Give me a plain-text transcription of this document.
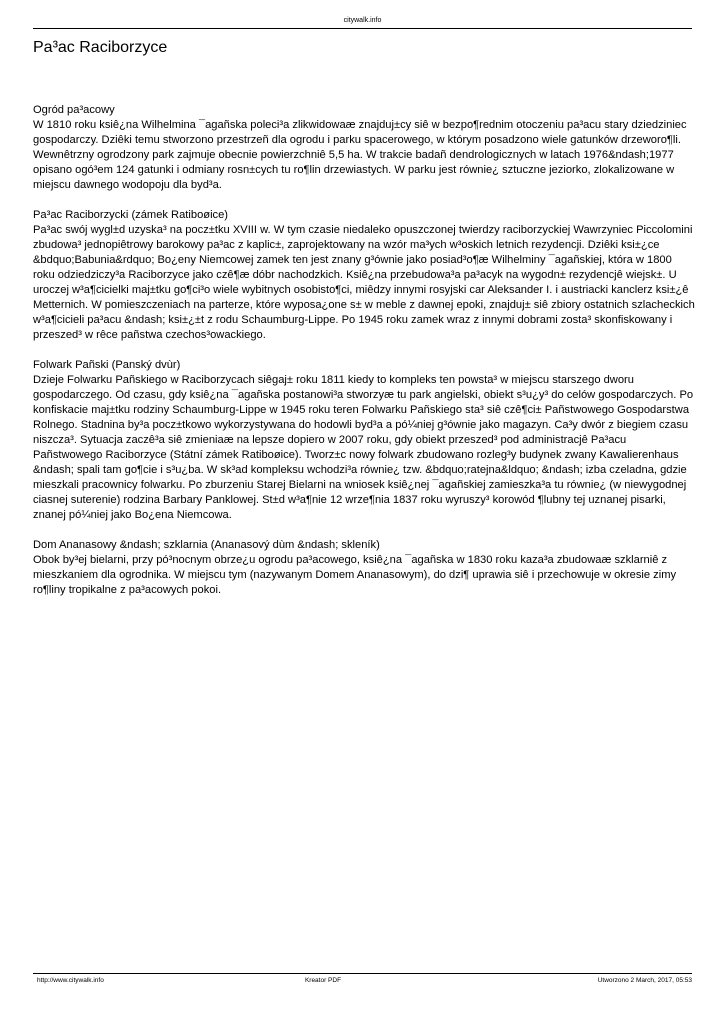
citywalk.info
Pa³ac Raciborzyce

Ogród pa³acowy

W 1810 roku ksiê¿na Wilhelmina ¯agañska poleci³a zlikwidowaæ znajduj±cy siê w bezpo¶rednim otoczeniu pa³acu stary dziedziniec gospodarczy. Dziêki temu stworzono przestrzeñ dla ogrodu i parku spacerowego, w którym posadzono wiele gatunków drzeworo¶li. Wewnêtrzny ogrodzony park zajmuje obecnie powierzchniê 5,5 ha. W trakcie badañ dendrologicznych w latach 1976&ndash;1977 opisano ogó³em 124 gatunki i odmiany rosn±cych tu ro¶lin drzewiastych. W parku jest równie¿ sztuczne jeziorko, zlokalizowane w miejscu dawnego wodopoju dla byd³a.

Pa³ac Raciborzycki (zámek Ratiboøice)

Pa³ac swój wygl±d uzyska³ na pocz±tku XVIII w. W tym czasie niedaleko opuszczonej twierdzy raciborzyckiej Wawrzyniec Piccolomini zbudowa³ jednopiêtrowy barokowy pa³ac z kaplic±, zaprojektowany na wzór ma³ych w³oskich letnich rezydencji. Dziêki ksi±¿ce &bdquo;Babunia&rdquo; Bo¿eny Niemcowej zamek ten jest znany g³ównie jako posiad³o¶æ Wilhelminy ¯agañskiej, która w 1800 roku odziedziczy³a Raciborzyce jako czê¶æ dóbr nachodzkich. Ksiê¿na przebudowa³a pa³acyk na wygodn± rezydencjê wiejsk±. U uroczej w³a¶cicielki maj±tku go¶ci³o wiele wybitnych osobisto¶ci, miêdzy innymi rosyjski car Aleksander I. i austriacki kanclerz ksi±¿ê Metternich. W pomieszczeniach na parterze, które wyposa¿one s± w meble z dawnej epoki, znajduj± siê zbiory ostatnich szlacheckich w³a¶cicieli pa³acu &ndash; ksi±¿±t z rodu Schaumburg-Lippe. Po 1945 roku zamek wraz z innymi dobrami zosta³ skonfiskowany i przeszed³ w rêce pañstwa czechos³owackiego.

Folwark Pañski (Panský dvùr)

Dzieje Folwarku Pañskiego w Raciborzycach siêgaj± roku 1811 kiedy to kompleks ten powsta³ w miejscu starszego dworu gospodarczego. Od czasu, gdy ksiê¿na ¯agañska postanowi³a stworzyæ tu park angielski, obiekt s³u¿y³ do celów gospodarczych. Po konfiskacie maj±tku rodziny Schaumburg-Lippe w 1945 roku teren Folwarku Pañskiego sta³ siê czê¶ci± Pañstwowego Gospodarstwa Rolnego. Stadnina by³a pocz±tkowo wykorzystywana do hodowli byd³a a pó¼niej g³ównie jako magazyn. Ca³y dwór z biegiem czasu niszcza³. Sytuacja zaczê³a siê zmieniaæ na lepsze dopiero w 2007 roku, gdy obiekt przeszed³ pod administracjê Pa³acu Pañstwowego Raciborzyce (Státní zámek Ratiboøice). Tworz±c nowy folwark zbudowano rozleg³y budynek zwany Kawalierenhaus &ndash; spali tam go¶cie i s³u¿ba. W sk³ad kompleksu wchodzi³a równie¿ tzw. &bdquo;ratejna&ldquo; &ndash; izba czeladna, gdzie mieszkali pracownicy folwarku. Po zburzeniu Starej Bielarni na wniosek ksiê¿nej ¯agañskiej zamieszka³a tu równie¿ (w niewygodnej ciasnej suterenie) rodzina Barbary Panklowej. St±d w³a¶nie 12 wrze¶nia 1837 roku wyruszy³ korowód ¶lubny tej uznanej pisarki, znanej pó¼niej jako Bo¿ena Niemcowa.

Dom Ananasowy &ndash; szklarnia (Ananasový dùm &ndash; skleník)

Obok by³ej bielarni, przy pó³nocnym obrze¿u ogrodu pa³acowego, ksiê¿na ¯agañska w 1830 roku kaza³a zbudowaæ szklarniê z mieszkaniem dla ogrodnika. W miejscu tym (nazywanym Domem Ananasowym), do dzi¶ uprawia siê i przechowuje w okresie zimy ro¶liny tropikalne z pa³acowych pokoi.

http://www.citywalk.info	Kreator PDF	Utworzono 2 March, 2017, 05:53
